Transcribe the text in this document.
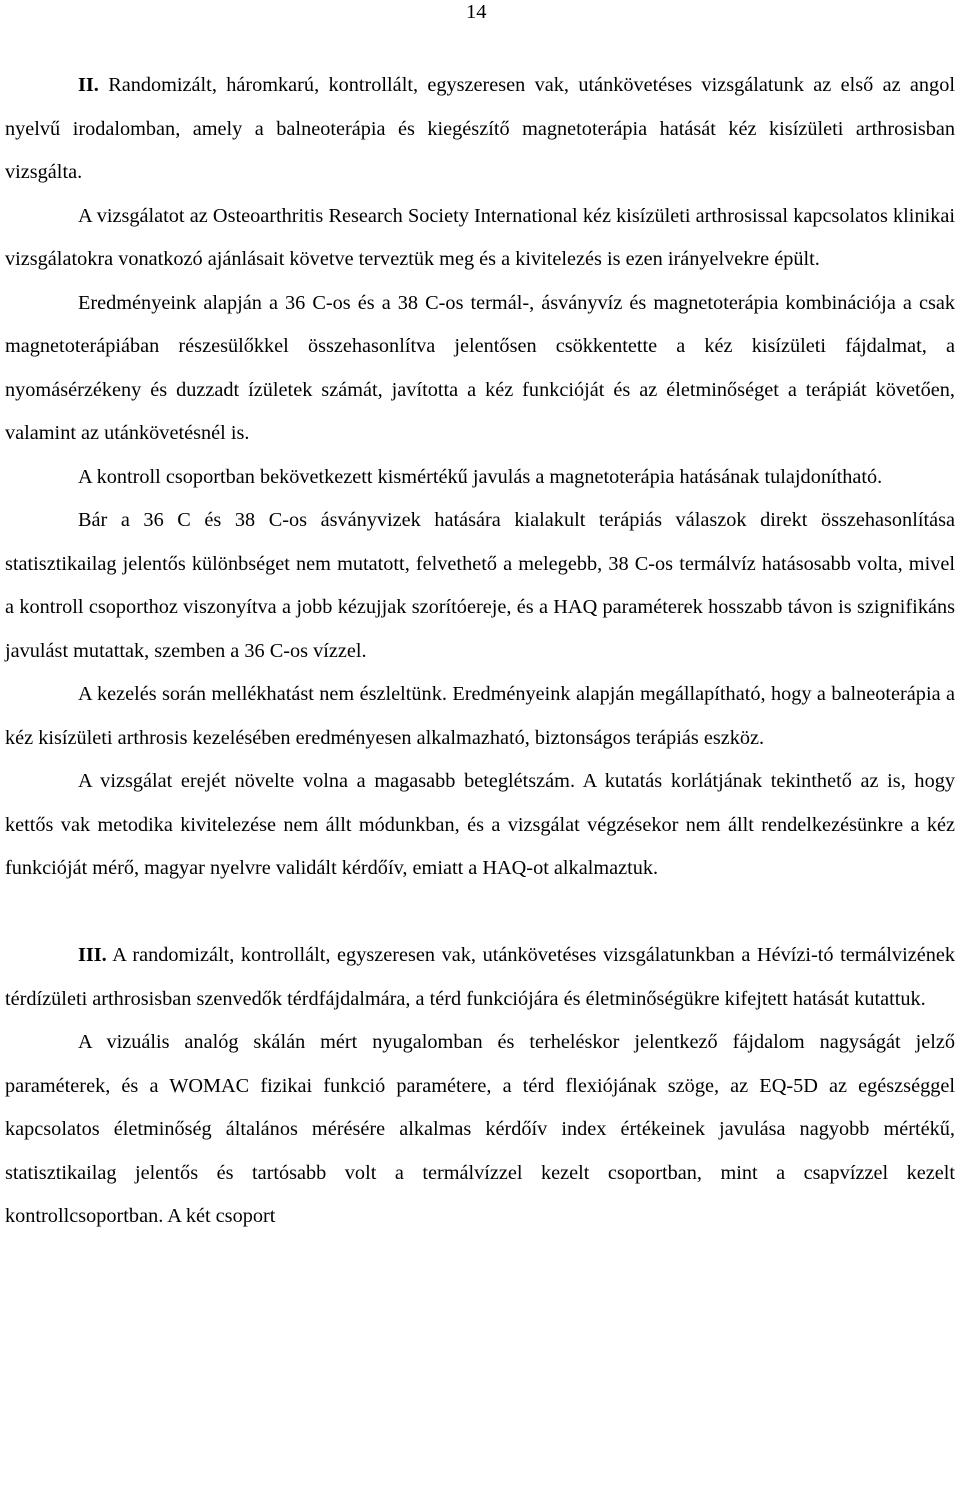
14

II. Randomizált, háromkarú, kontrollált, egyszeresen vak, utánkövetéses vizsgálatunk az első az angol nyelvű irodalomban, amely a balneoterápia és kiegészítő magnetoterápia hatását kéz kisízületi arthrosisban vizsgálta.

A vizsgálatot az Osteoarthritis Research Society International kéz kisízületi arthrosissal kapcsolatos klinikai vizsgálatokra vonatkozó ajánlásait követve terveztük meg és a kivitelezés is ezen irányelvekre épült.

Eredményeink alapján a 36 C-os és a 38 C-os termál-, ásványvíz és magnetoterápia kombinációja a csak magnetoterápiában részesülőkkel összehasonlítva jelentősen csökkentette a kéz kisízületi fájdalmat, a nyomásérzékeny és duzzadt ízületek számát, javította a kéz funkcióját és az életminőséget a terápiát követően, valamint az utánkövetésnél is.

A kontroll csoportban bekövetkezett kismértékű javulás a magnetoterápia hatásának tulajdonítható.

Bár a 36 C és 38 C-os ásványvizek hatására kialakult terápiás válaszok direkt összehasonlítása statisztikailag jelentős különbséget nem mutatott, felvethető a melegebb, 38 C-os termálvíz hatásosabb volta, mivel a kontroll csoporthoz viszonyítva a jobb kézujjak szorítóereje, és a HAQ paraméterek hosszabb távon is szignifikáns javulást mutattak, szemben a 36 C-os vízzel.

A kezelés során mellékhatást nem észleltünk. Eredményeink alapján megállapítható, hogy a balneoterápia a kéz kisízületi arthrosis kezelésében eredményesen alkalmazható, biztonságos terápiás eszköz.

A vizsgálat erejét növelte volna a magasabb beteglétszám. A kutatás korlátjának tekinthető az is, hogy kettős vak metodika kivitelezése nem állt módunkban, és a vizsgálat végzésekor nem állt rendelkezésünkre a kéz funkcióját mérő, magyar nyelvre validált kérdőív, emiatt a HAQ-ot alkalmaztuk.

III. A randomizált, kontrollált, egyszeresen vak, utánkövetéses vizsgálatunkban a Hévízi-tó termálvizének térdízületi arthrosisban szenvedők térdfájdalmára, a térd funkciójára és életminőségükre kifejtett hatását kutattuk.

A vizuális analóg skálán mért nyugalomban és terheléskor jelentkező fájdalom nagyságát jelző paraméterek, és a WOMAC fizikai funkció paramétere, a térd flexiójának szöge, az EQ-5D az egészséggel kapcsolatos életminőség általános mérésére alkalmas kérdőív index értékeinek javulása nagyobb mértékű, statisztikailag jelentős és tartósabb volt a termálvízzel kezelt csoportban, mint a csapvízzel kezelt kontrollcsoportban. A két csoport
